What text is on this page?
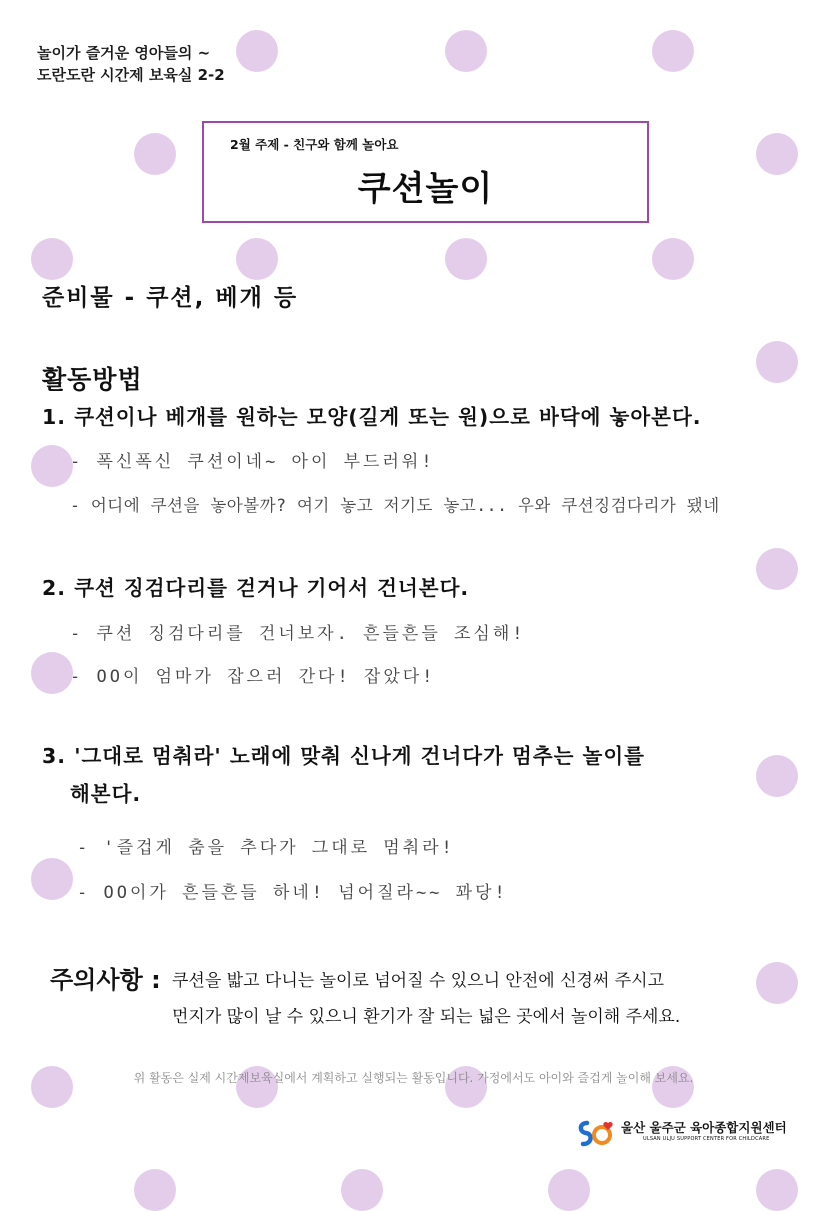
놀이가 즐거운 영아들의 ~
도란도란 시간제 보육실 2-2
2월 주제 - 친구와 함께 놀아요
쿠션놀이
준비물 - 쿠션, 베개 등
활동방법
1. 쿠션이나 베개를 원하는 모양(길게 또는 원)으로 바닥에 놓아본다.
- 폭신폭신 쿠션이네~ 아이 부드러워!
- 어디에 쿠션을 놓아볼까? 여기 놓고 저기도 놓고... 우와 쿠션징검다리가 됐네
2. 쿠션 징검다리를 걷거나 기어서 건너본다.
- 쿠션 징검다리를 건너보자. 흔들흔들 조심해!
- OO이 엄마가 잡으러 간다! 잡았다!
3. '그대로 멈춰라' 노래에 맞춰 신나게 건너다가 멈추는 놀이를
해본다.
- '즐겁게 춤을 추다가 그대로 멈춰라!
- OO이가 흔들흔들 하네! 넘어질라~~ 꽈당!
주의사항 : 쿠션을 밟고 다니는 놀이로 넘어질 수 있으니 안전에 신경써 주시고
먼지가 많이 날 수 있으니 환기가 잘 되는 넓은 곳에서 놀이해 주세요.
위 활동은 실제 시간제보육실에서 계획하고 실행되는 활동입니다. 가정에서도 아이와 즐겁게 놀이해 보세요.
울산 울주군 육아종합지원센터
ULSAN ULJU SUPPORT CENTER FOR CHILDCARE
